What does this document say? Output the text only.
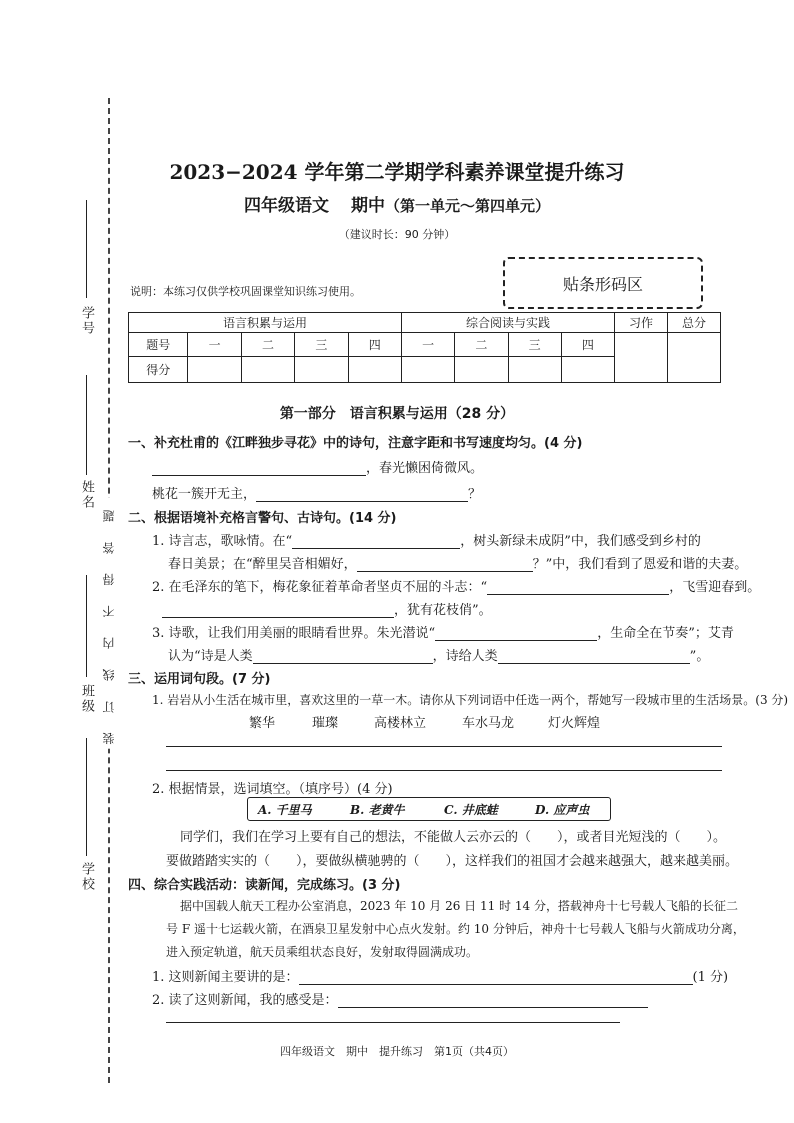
学号
姓名
班级
学校
装 订 线 内 不 得 答 题
2023−2024 学年第二学期学科素养课堂提升练习
四年级语文 期中（第一单元～第四单元）
（建议时长：90 分钟）
说明：本练习仅供学校巩固课堂知识练习使用。	贴条形码区
语言积累与运用					综合阅读与实践				习作	总分
题号	一	二	三	四	一	二	三	四		
得分										
第一部分　语言积累与运用（28 分）
一、补充杜甫的《江畔独步寻花》中的诗句，注意字距和书写速度均匀。(4 分)
，春光懒困倚微风。
桃花一簇开无主，	？
二、根据语境补充格言警句、古诗句。(14 分)
1. 诗言志，歌咏情。在“	，树头新绿未成阴”中，我们感受到乡村的
春日美景；在“醉里吴音相媚好，	？”中，我们看到了恩爱和谐的夫妻。
2. 在毛泽东的笔下，梅花象征着革命者坚贞不屈的斗志：“	，飞雪迎春到。
，犹有花枝俏”。
3. 诗歌，让我们用美丽的眼睛看世界。朱光潜说“	，生命全在节奏”；艾青
认为“诗是人类	，诗给人类	”。
三、运用词句段。(7 分)
1. 岩岩从小生活在城市里，喜欢这里的一草一木。请你从下列词语中任选一两个，帮她写一段城市里的生活场景。(3 分)
繁华	璀璨	高楼林立	车水马龙	灯火辉煌
2. 根据情景，选词填空。（填序号）(4 分)
A. 千里马	B. 老黄牛	C. 井底蛙	D. 应声虫
同学们，我们在学习上要有自己的想法，不能做人云亦云的（　　），或者目光短浅的（　　）。
要做踏踏实实的（　　），要做纵横驰骋的（　　），这样我们的祖国才会越来越强大，越来越美丽。
四、综合实践活动：读新闻，完成练习。(3 分)
据中国载人航天工程办公室消息，2023 年 10 月 26 日 11 时 14 分，搭载神舟十七号载人飞船的长征二
号 F 遥十七运载火箭，在酒泉卫星发射中心点火发射。约 10 分钟后，神舟十七号载人飞船与火箭成功分离，
进入预定轨道，航天员乘组状态良好，发射取得圆满成功。
1. 这则新闻主要讲的是：	(1 分)
2. 读了这则新闻，我的感受是：
四年级语文　期中　提升练习　第1页（共4页）
